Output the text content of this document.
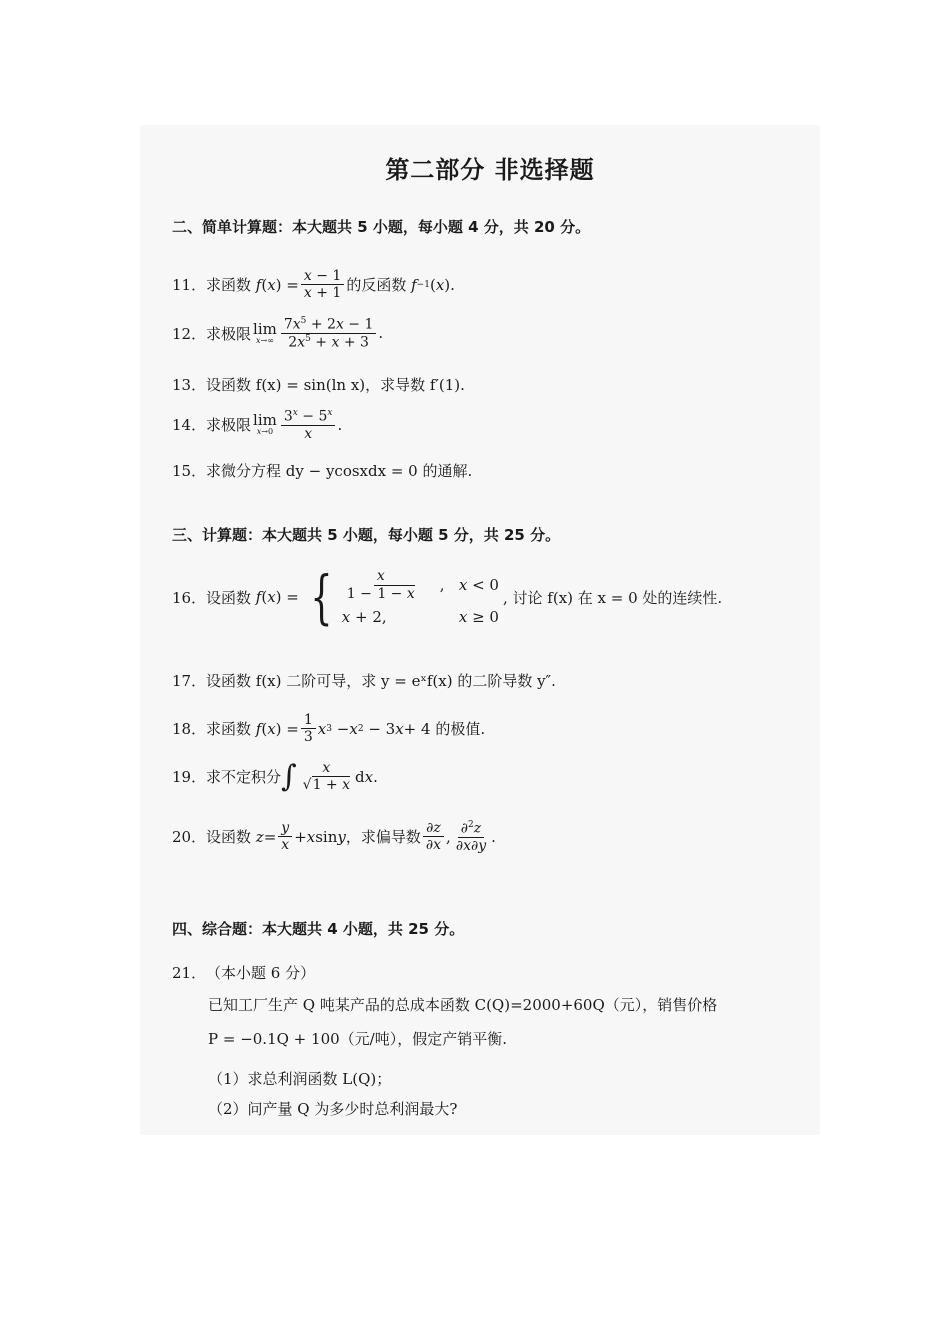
第二部分 非选择题
二、简单计算题：本大题共 5 小题，每小题 4 分，共 20 分。
11． 求函数 f ( x ) = $\frac{x - 1}{x + 1}$ 的反函数 f −1 ( x ) .
12． 求极限 lim
$x\to\infty \frac{7x^5 + 2x - 1}{2x^5 + x + 3}$ .
13． 设函数 f(x) = sin(ln x)，求导数 f′(1).
14． 求极限 lim
$x\to 0 \frac{3^x - 5^x}{x}$ .
15． 求微分方程 dy − ycosxdx = 0 的通解.
三、计算题：本大题共 5 小题，每小题 5 分，共 25 分。
16． 设函数 f ( x ) = { $\frac{x}{1 - 1 - x}$ ,   x < 0
x + 2,	x ≥ 0
, 讨论 f(x) 在 x = 0 处的连续性.
17． 设函数 f(x) 二阶可导，求 y = eˣf(x) 的二阶导数 y″.
18． 求函数 f ( x ) = $\frac{1}{3}$ x 3 − x 2 − 3 x + 4 的极值.
19． 求不定积分 ∫ $\frac{x}{√1 + x}$ d x .
20． 设函数 $z = \frac{y}{x} + x$ sin y ，求偏导数 $\frac{\partial z}{\partial x}$ , $\frac{\partial^2z}{\partial x\partial y}$ .
四、综合题：本大题共 4 小题，共 25 分。
21． （本小题 6 分）
已知工厂生产 Q 吨某产品的总成本函数 C(Q)=2000+60Q（元），销售价格
P = −0.1Q + 100（元/吨），假定产销平衡.
（1）求总利润函数 L(Q)；
（2）问产量 Q 为多少时总利润最大?
